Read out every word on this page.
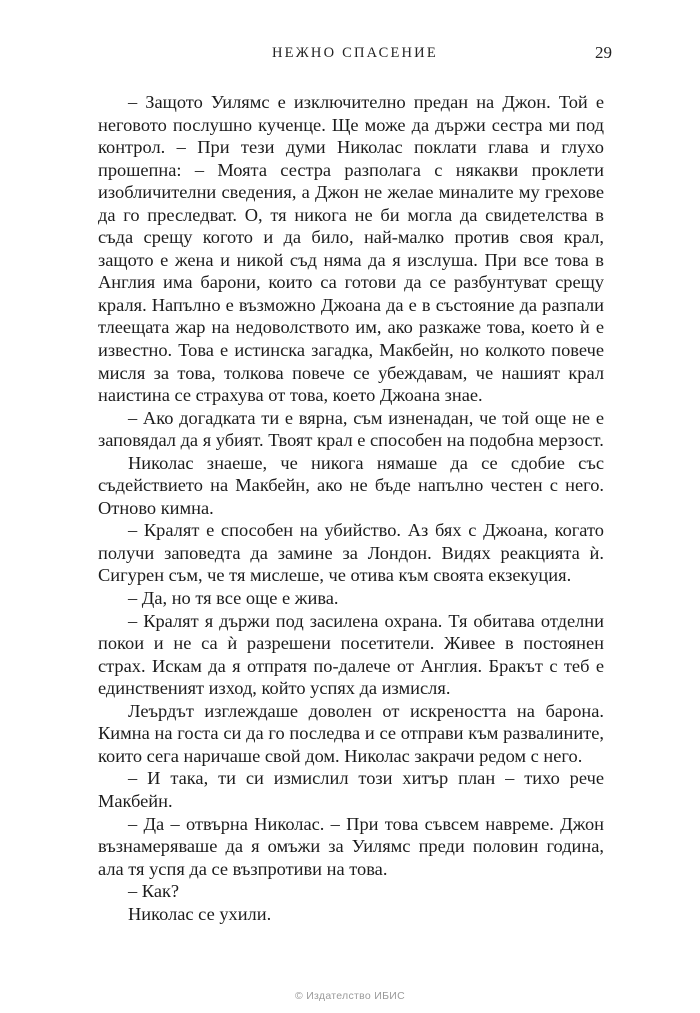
НЕЖНО СПАСЕНИЕ	29

– Защото Уилямс е изключително предан на Джон. Той е неговото послушно кученце. Ще може да държи сестра ми под контрол. – При тези думи Николас поклати глава и глухо прошепна: – Моята сестра разполага с някакви проклети изобличителни сведения, а Джон не желае миналите му грехове да го преследват. О, тя никога не би могла да свидетелства в съда срещу когото и да било, най-малко против своя крал, защото е жена и никой съд няма да я изслуша. При все това в Англия има барони, които са готови да се разбунтуват срещу краля. Напълно е възможно Джоана да е в състояние да разпали тлеещата жар на недоволството им, ако разкаже това, което ѝ е известно. Това е истинска загадка, Макбейн, но колкото повече мисля за това, толкова повече се убеждавам, че нашият крал наистина се страхува от това, което Джоана знае.

– Ако догадката ти е вярна, съм изненадан, че той още не е заповядал да я убият. Твоят крал е способен на подобна мерзост.

Николас знаеше, че никога нямаше да се сдобие със съдействието на Макбейн, ако не бъде напълно честен с него. Отново кимна.

– Кралят е способен на убийство. Аз бях с Джоана, когато получи заповедта да замине за Лондон. Видях реакцията ѝ. Сигурен съм, че тя мислеше, че отива към своята екзекуция.

– Да, но тя все още е жива.

– Кралят я държи под засилена охрана. Тя обитава отделни покои и не са ѝ разрешени посетители. Живее в постоянен страх. Искам да я отпратя по-далече от Англия. Бракът с теб е единственият изход, който успях да измисля.

Леърдът изглеждаше доволен от искреността на барона. Кимна на госта си да го последва и се отправи към развалините, които сега наричаше свой дом. Николас закрачи редом с него.

– И така, ти си измислил този хитър план – тихо рече Макбейн.

– Да – отвърна Николас. – При това съвсем навреме. Джон възнамеряваше да я омъжи за Уилямс преди половин година, ала тя успя да се възпротиви на това.

– Как?

Николас се ухили.

© Издателство ИБИС
